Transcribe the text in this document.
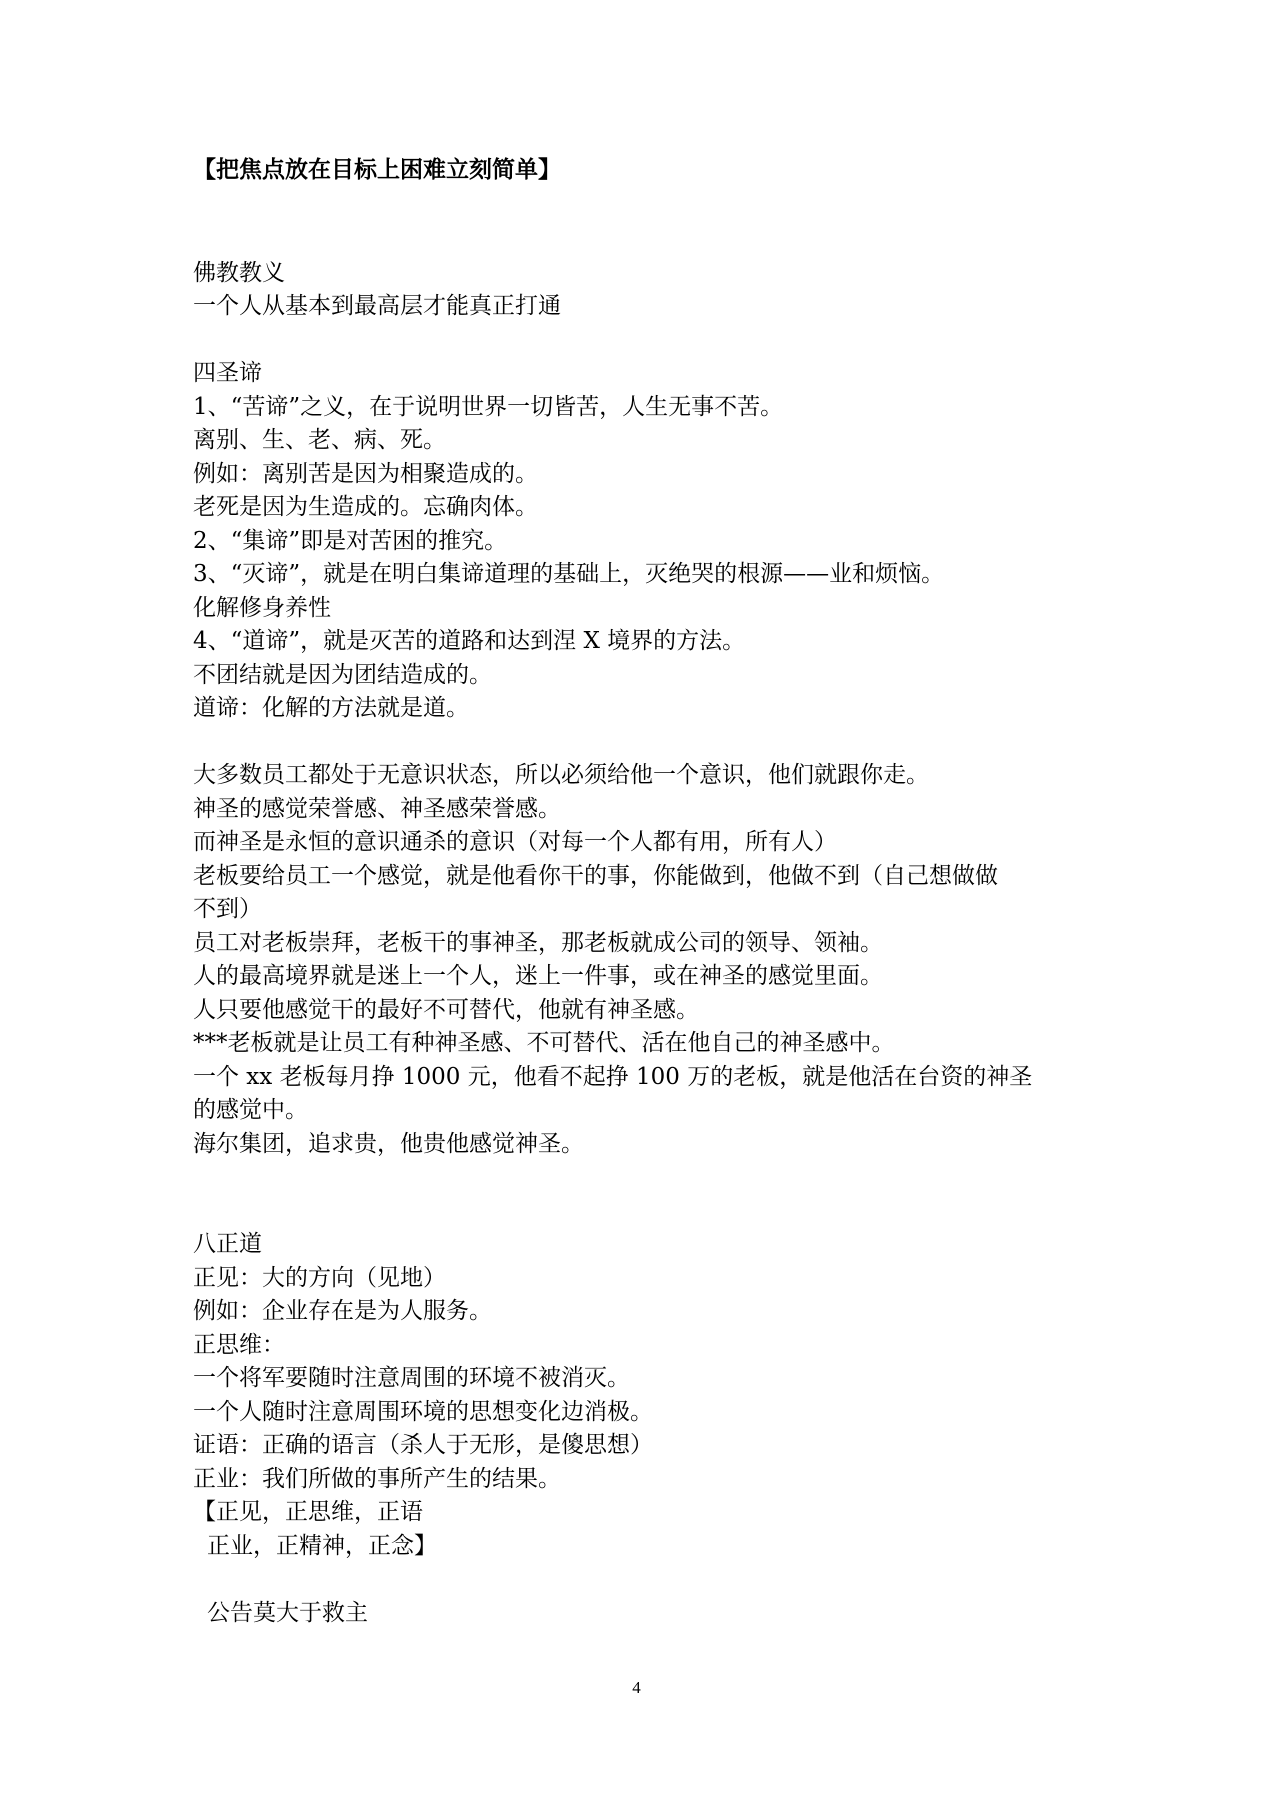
【把焦点放在目标上困难立刻简单】

佛教教义

一个人从基本到最高层才能真正打通

四圣谛

1、“苦谛”之义，在于说明世界一切皆苦，人生无事不苦。

离别、生、老、病、死。

例如：离别苦是因为相聚造成的。

老死是因为生造成的。忘确肉体。

2、“集谛”即是对苦困的推究。

3、“灭谛”，就是在明白集谛道理的基础上，灭绝哭的根源——业和烦恼。

化解修身养性

4、“道谛”，就是灭苦的道路和达到涅 X 境界的方法。

不团结就是因为团结造成的。

道谛：化解的方法就是道。

大多数员工都处于无意识状态，所以必须给他一个意识，他们就跟你走。

神圣的感觉荣誉感、神圣感荣誉感。

而神圣是永恒的意识通杀的意识（对每一个人都有用，所有人）

老板要给员工一个感觉，就是他看你干的事，你能做到，他做不到（自己想做做

不到）

员工对老板崇拜，老板干的事神圣，那老板就成公司的领导、领袖。

人的最高境界就是迷上一个人，迷上一件事，或在神圣的感觉里面。

人只要他感觉干的最好不可替代，他就有神圣感。

***老板就是让员工有种神圣感、不可替代、活在他自己的神圣感中。

一个 xx 老板每月挣 1000 元，他看不起挣 100 万的老板，就是他活在台资的神圣

的感觉中。

海尔集团，追求贵，他贵他感觉神圣。

八正道

正见：大的方向（见地）

例如：企业存在是为人服务。

正思维：

一个将军要随时注意周围的环境不被消灭。

一个人随时注意周围环境的思想变化边消极。

证语：正确的语言（杀人于无形，是傻思想）

正业：我们所做的事所产生的结果。

【正见，正思维，正语

正业，正精神，正念】

公告莫大于救主

4
